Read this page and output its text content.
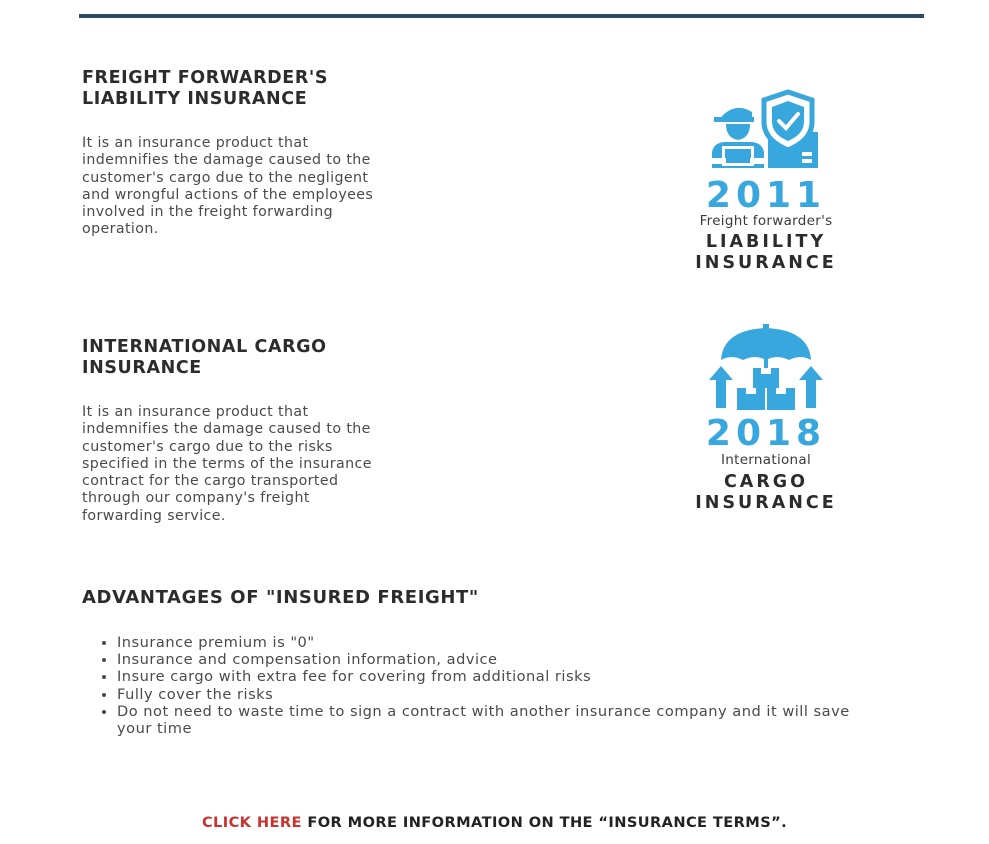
FREIGHT FORWARDER'S
LIABILITY INSURANCE

It is an insurance product that
indemnifies the damage caused to the
customer's cargo due to the negligent
and wrongful actions of the employees
involved in the freight forwarding
operation.

2011
Freight forwarder's
LIABILITY
INSURANCE
INTERNATIONAL CARGO
INSURANCE

It is an insurance product that
indemnifies the damage caused to the
customer's cargo due to the risks
specified in the terms of the insurance
contract for the cargo transported
through our company's freight
forwarding service.

2018
International
CARGO
INSURANCE
ADVANTAGES OF "INSURED FREIGHT"
• Insurance premium is "0"
• Insurance and compensation information, advice
• Insure cargo with extra fee for covering from additional risks
• Fully cover the risks
• Do not need to waste time to sign a contract with another insurance company and it will save your time
CLICK HERE FOR MORE INFORMATION ON THE “INSURANCE TERMS”.
